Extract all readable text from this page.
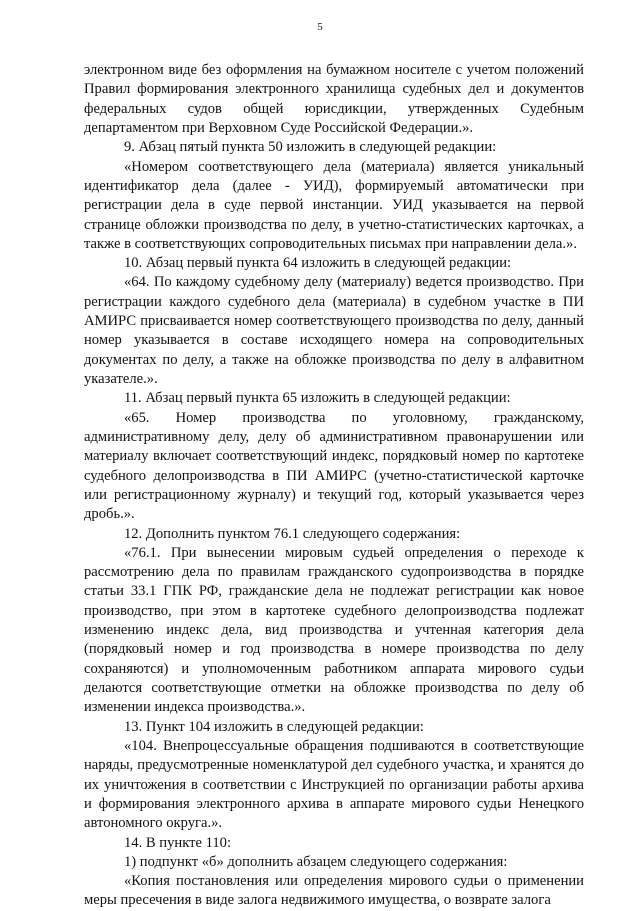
5

электронном виде без оформления на бумажном носителе с учетом положений Правил формирования электронного хранилища судебных дел и документов федеральных судов общей юрисдикции, утвержденных Судебным департаментом при Верховном Суде Российской Федерации.».

9. Абзац пятый пункта 50 изложить в следующей редакции:

«Номером соответствующего дела (материала) является уникальный идентификатор дела (далее - УИД), формируемый автоматически при регистрации дела в суде первой инстанции. УИД указывается на первой странице обложки производства по делу, в учетно-статистических карточках, а также в соответствующих сопроводительных письмах при направлении дела.».

10. Абзац первый пункта 64 изложить в следующей редакции:

«64. По каждому судебному делу (материалу) ведется производство. При регистрации каждого судебного дела (материала) в судебном участке в ПИ АМИРС присваивается номер соответствующего производства по делу, данный номер указывается в составе исходящего номера на сопроводительных документах по делу, а также на обложке производства по делу в алфавитном указателе.».

11. Абзац первый пункта 65 изложить в следующей редакции:

«65. Номер производства по уголовному, гражданскому, административному делу, делу об административном правонарушении или материалу включает соответствующий индекс, порядковый номер по картотеке судебного делопроизводства в ПИ АМИРС (учетно-статистической карточке или регистрационному журналу) и текущий год, который указывается через дробь.».

12. Дополнить пунктом 76.1 следующего содержания:

«76.1. При вынесении мировым судьей определения о переходе к рассмотрению дела по правилам гражданского судопроизводства в порядке статьи 33.1 ГПК РФ, гражданские дела не подлежат регистрации как новое производство, при этом в картотеке судебного делопроизводства подлежат изменению индекс дела, вид производства и учтенная категория дела (порядковый номер и год производства в номере производства по делу сохраняются) и уполномоченным работником аппарата мирового судьи делаются соответствующие отметки на обложке производства по делу об изменении индекса производства.».

13. Пункт 104 изложить в следующей редакции:

«104. Внепроцессуальные обращения подшиваются в соответствующие наряды, предусмотренные номенклатурой дел судебного участка, и хранятся до их уничтожения в соответствии с Инструкцией по организации работы архива и формирования электронного архива в аппарате мирового судьи Ненецкого автономного округа.».

14. В пункте 110:

1) подпункт «б» дополнить абзацем следующего содержания:

«Копия постановления или определения мирового судьи о применении меры пресечения в виде залога недвижимого имущества, о возврате залога
